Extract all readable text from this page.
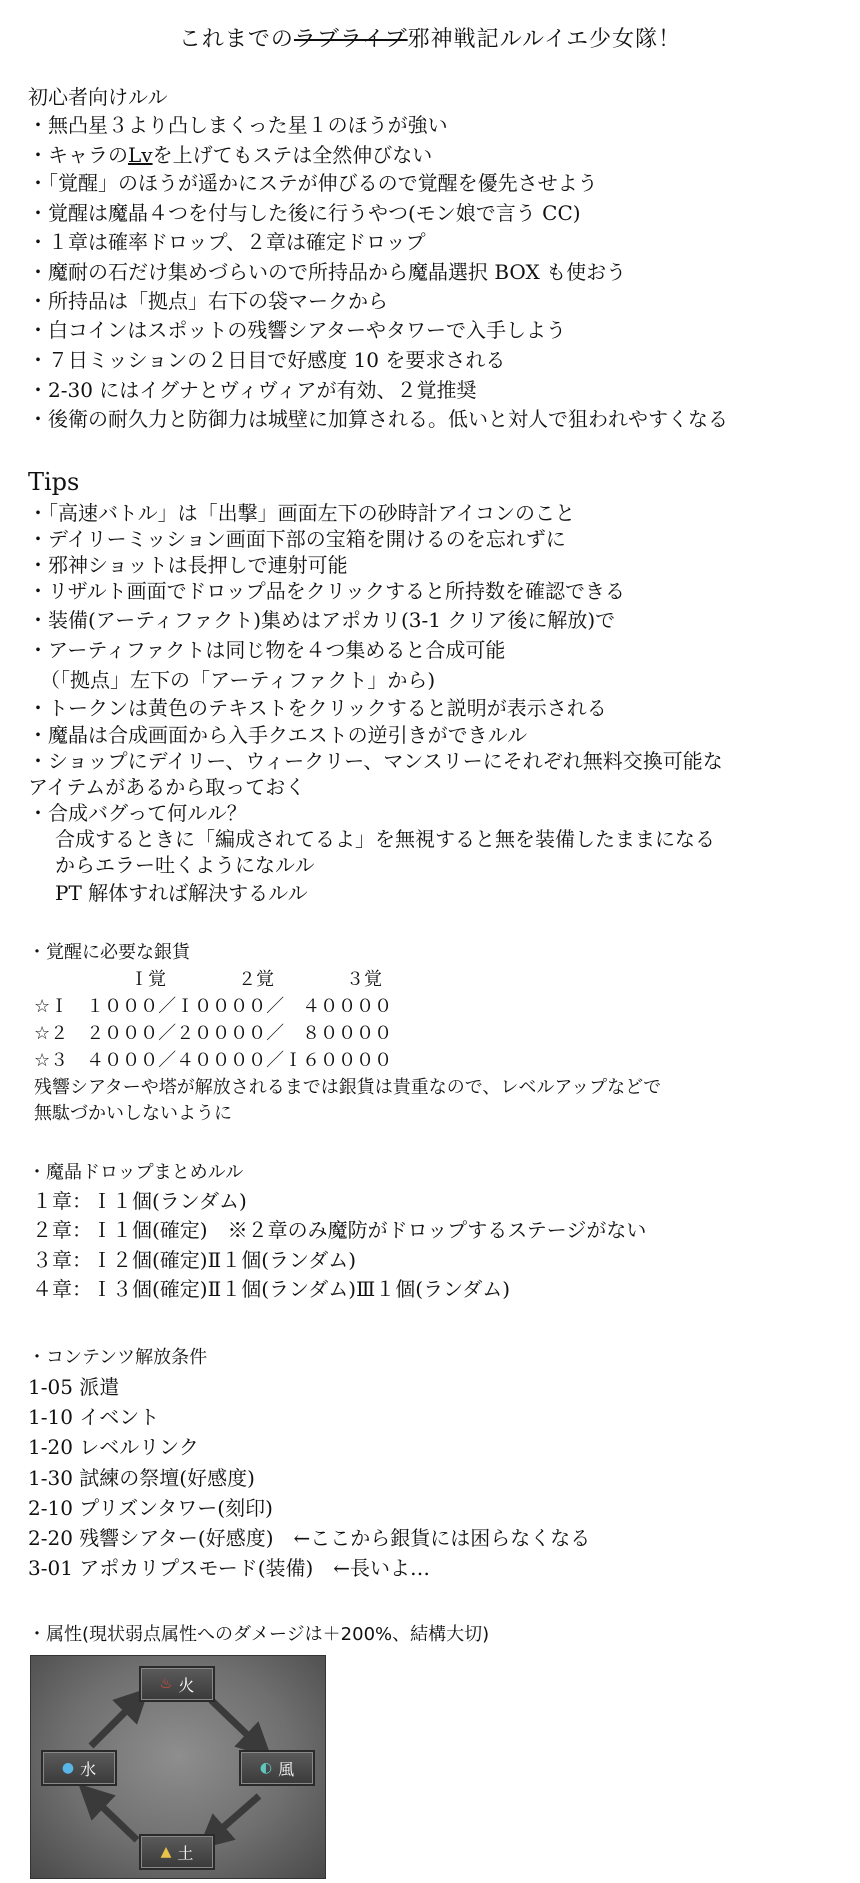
これまでのラブライブ邪神戦記ルルイエ少女隊！
初心者向けルル
・無凸星３より凸しまくった星１のほうが強い
・キャラのLvを上げてもステは全然伸びない
・「覚醒」のほうが遥かにステが伸びるので覚醒を優先させよう
・覚醒は魔晶４つを付与した後に行うやつ(モン娘で言う CC)
・１章は確率ドロップ、２章は確定ドロップ
・魔耐の石だけ集めづらいので所持品から魔晶選択 BOX も使おう
・所持品は「拠点」右下の袋マークから
・白コインはスポットの残響シアターやタワーで入手しよう
・７日ミッションの２日目で好感度 10 を要求される
・2-30 にはイグナとヴィヴィアが有効、２覚推奨
・後衛の耐久力と防御力は城壁に加算される。低いと対人で狙われやすくなる
Tips
・「高速バトル」は「出撃」画面左下の砂時計アイコンのこと
・デイリーミッション画面下部の宝箱を開けるのを忘れずに
・邪神ショットは長押しで連射可能
・リザルト画面でドロップ品をクリックすると所持数を確認できる
・装備(アーティファクト)集めはアポカリ(3-1 クリア後に解放)で
・アーティファクトは同じ物を４つ集めると合成可能
（「拠点」左下の「アーティファクト」から)
・トークンは黄色のテキストをクリックすると説明が表示される
・魔晶は合成画面から入手クエストの逆引きができルル
・ショップにデイリー、ウィークリー、マンスリーにそれぞれ無料交換可能な
アイテムがあるから取っておく
・合成バグって何ルル？
合成するときに「編成されてるよ」を無視すると無を装備したままになる
からエラー吐くようになルル
PT 解体すれば解決するルル
・覚醒に必要な銀貨
Ｉ覚　　　　２覚　　　　３覚
☆Ｉ　１０００／Ｉ００００／　４００００
☆２　２０００／２００００／　８００００
☆３　４０００／４００００／Ｉ６００００
残響シアターや塔が解放されるまでは銀貨は貴重なので、レベルアップなどで
無駄づかいしないように
・魔晶ドロップまとめルル
１章：Ｉ１個(ランダム)
２章：Ｉ１個(確定)　※２章のみ魔防がドロップするステージがない
３章：Ｉ２個(確定)Ⅱ１個(ランダム)
４章：Ｉ３個(確定)Ⅱ１個(ランダム)Ⅲ１個(ランダム)
・コンテンツ解放条件
1-05 派遣
1-10 イベント
1-20 レベルリンク
1-30 試練の祭壇(好感度)
2-10 プリズンタワー(刻印)
2-20 残響シアター(好感度)　←ここから銀貨には困らなくなる
3-01 アポカリプスモード(装備)　←長いよ…
・属性(現状弱点属性へのダメージは＋200%、結構大切)
♨ 火
◐ 風
▲ 土
● 水
